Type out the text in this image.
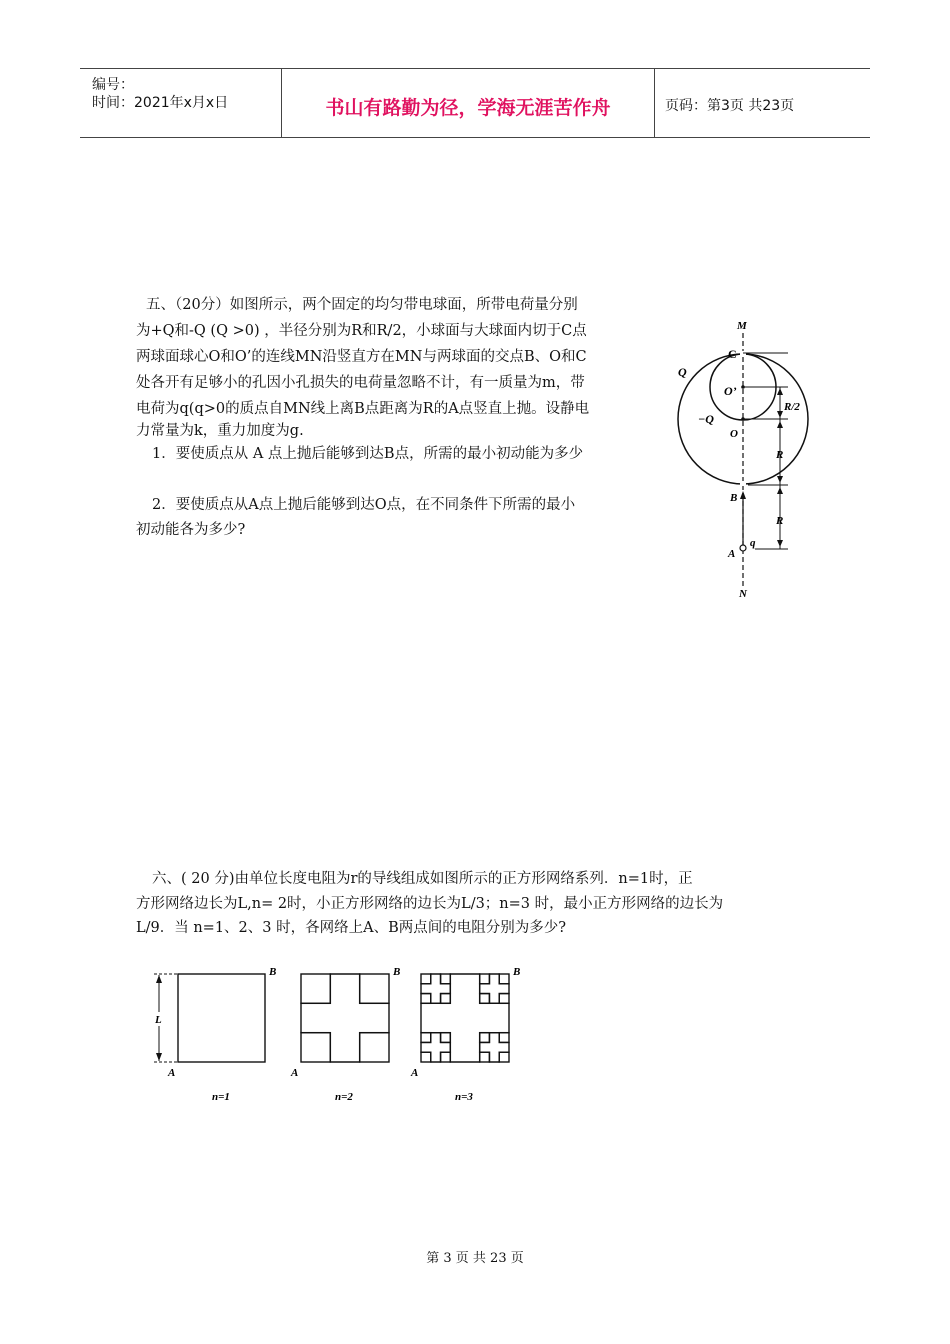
编号：
时间：2021年x月x日	书山有路勤为径，学海无涯苦作舟	页码：第3页 共23页
五、（20分）如图所示，两个固定的均匀带电球面，所带电荷量分别
为+Q和-Q (Q >0) ，半径分别为R和R/2，小球面与大球面内切于C点
两球面球心O和O’的连线MN沿竖直方在MN与两球面的交点B、O和C
处各开有足够小的孔因小孔损失的电荷量忽略不计，有一质量为m，带
电荷为q(q>0的质点自MN线上离B点距离为R的A点竖直上抛。设静电
力常量为k，重力加度为g.
1．要使质点从 A 点上抛后能够到达B点，所需的最小初动能为多少
2．要使质点从A点上抛后能够到达O点，在不同条件下所需的最小
初动能各为多少?
M
C
Q
O’
R/2
−Q
O
R
B
R
q
A
N
六、( 20 分)由单位长度电阻为r的导线组成如图所示的正方形网络系列．n=1时，正
方形网络边长为L,n= 2时，小正方形网络的边长为L/3；n=3 时，最小正方形网络的边长为
L/9．当 n=1、2、3 时，各网络上A、B两点间的电阻分别为多少?
L
B
A
n=1
B
A
n=2
B
A
n=3
第 3 页 共 23 页
